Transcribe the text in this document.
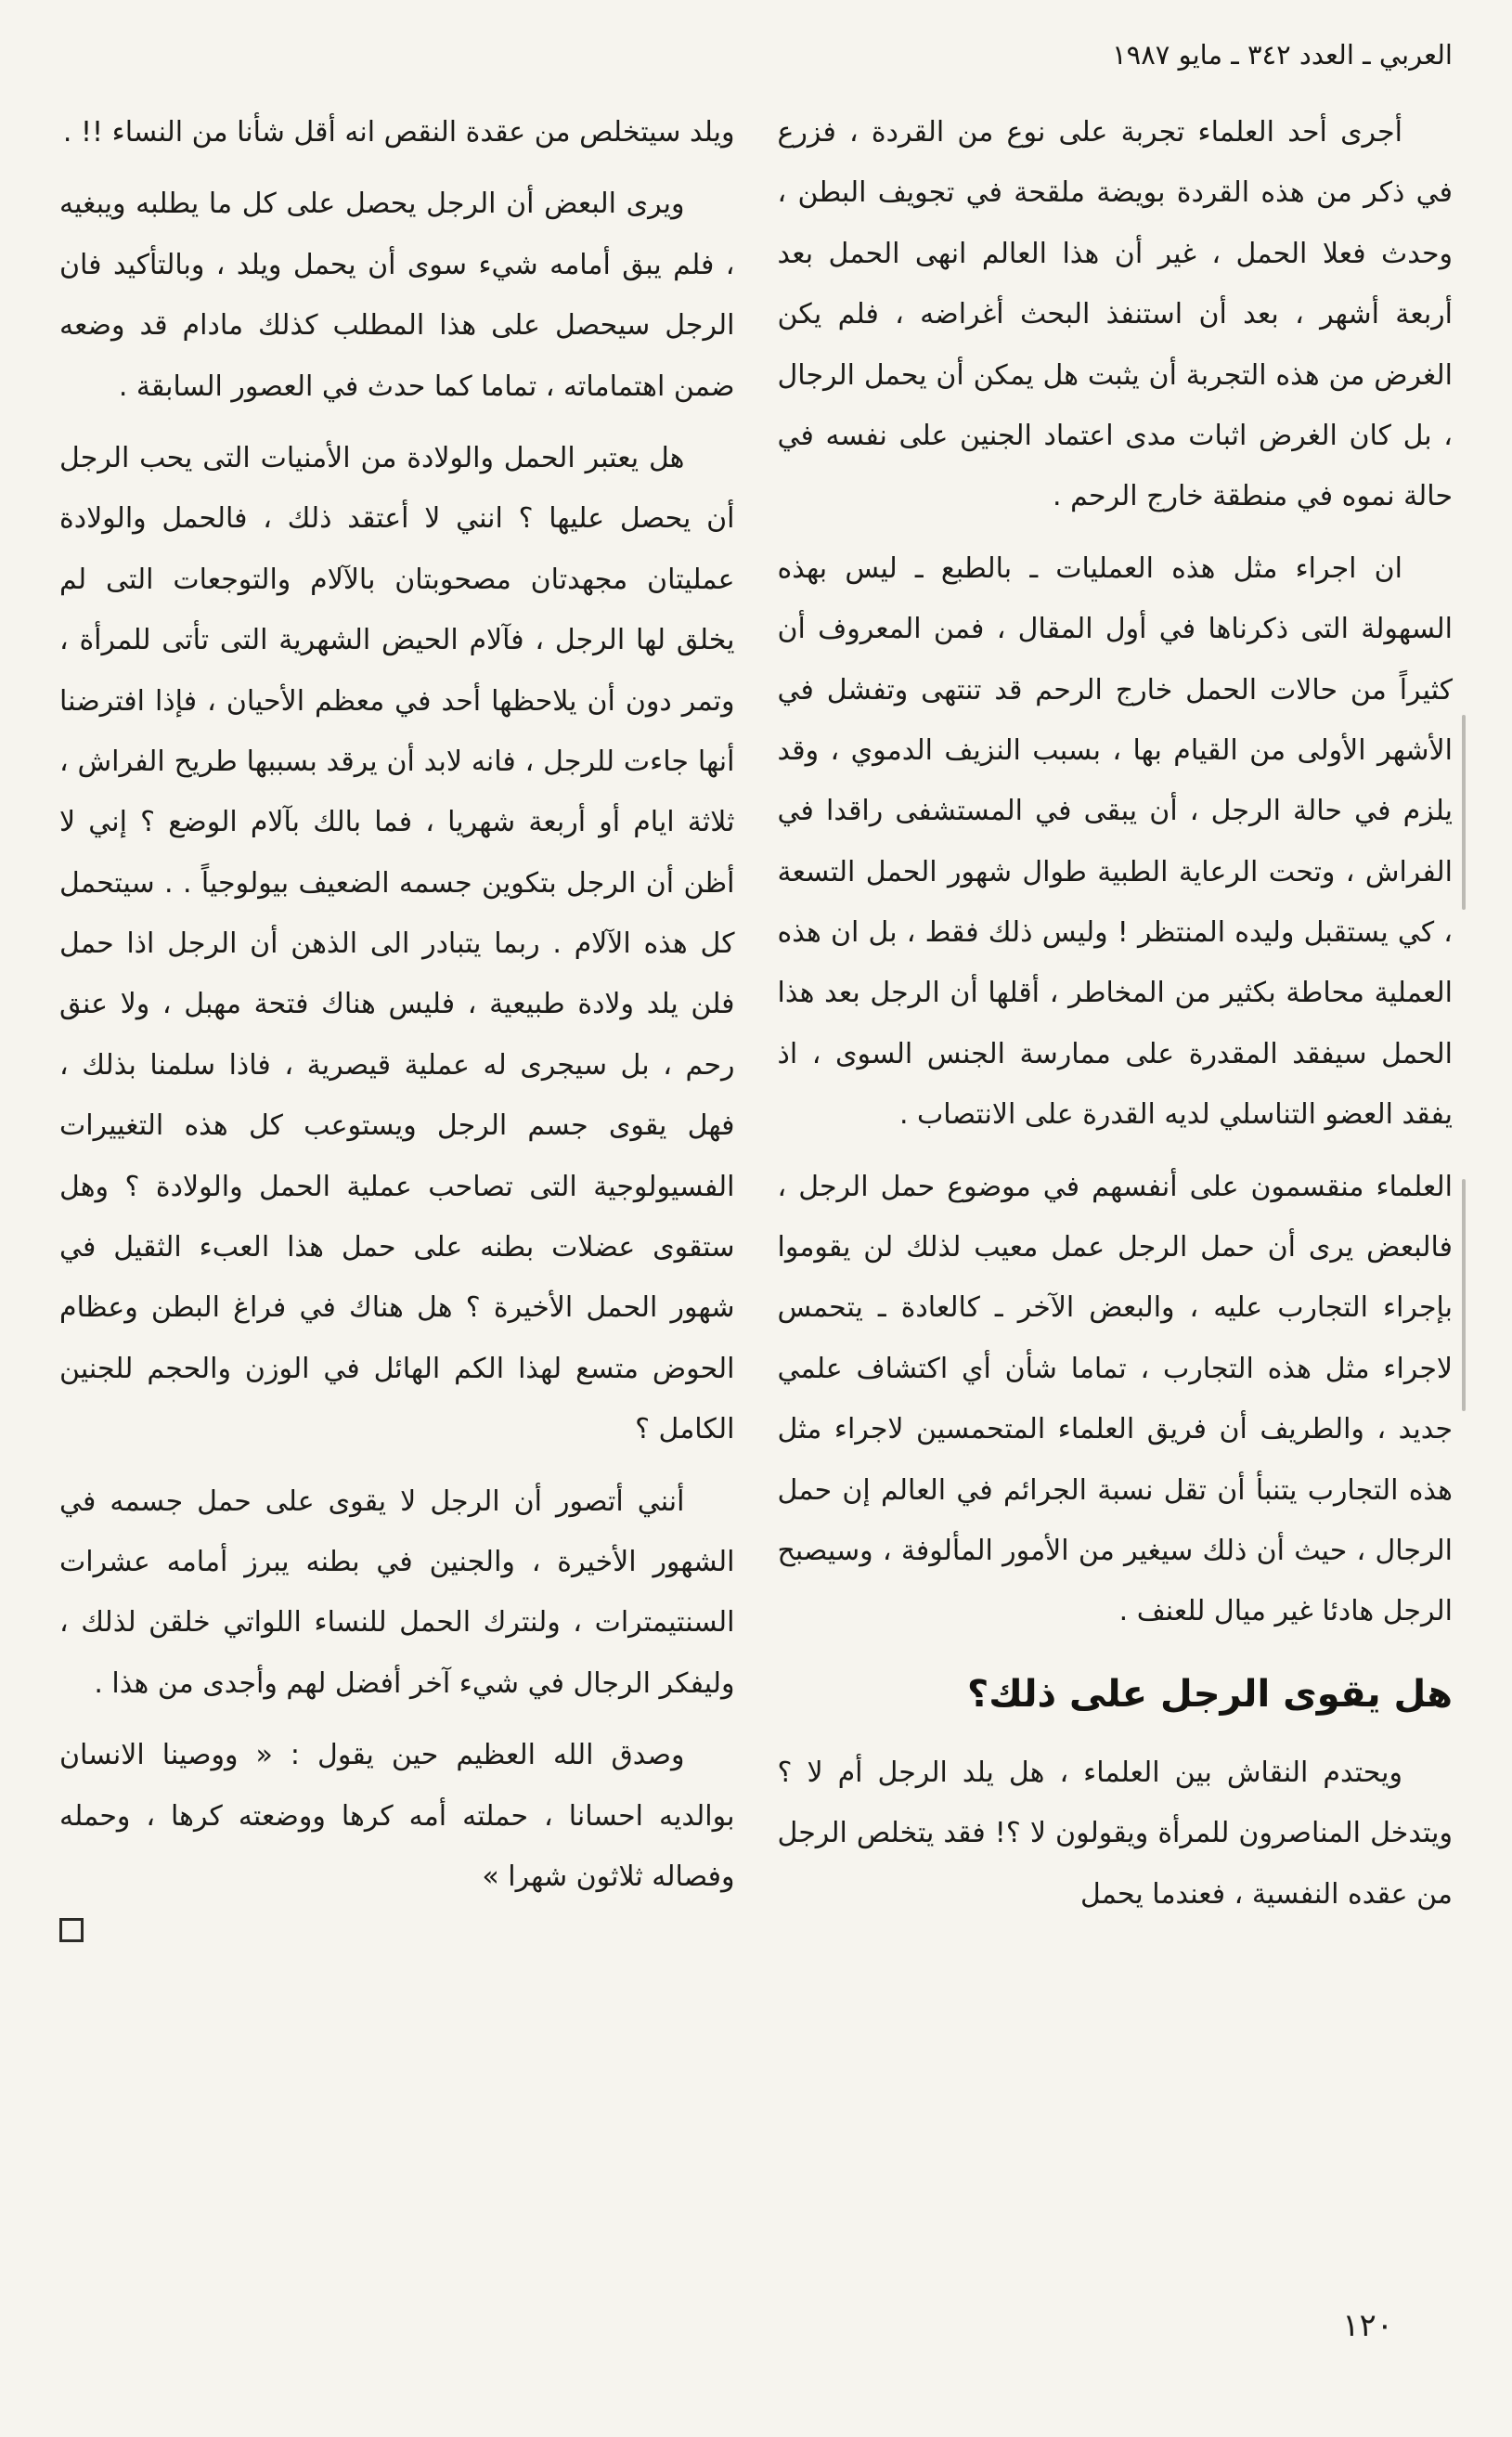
العربي ـ العدد ٣٤٢ ـ مايو ١٩٨٧

أجرى أحد العلماء تجربة على نوع من القردة ، فزرع في ذكر من هذه القردة بويضة ملقحة في تجويف البطن ، وحدث فعلا الحمل ، غير أن هذا العالم انهى الحمل بعد أربعة أشهر ، بعد أن استنفذ البحث أغراضه ، فلم يكن الغرض من هذه التجربة أن يثبت هل يمكن أن يحمل الرجال ، بل كان الغرض اثبات مدى اعتماد الجنين على نفسه في حالة نموه في منطقة خارج الرحم .

ان اجراء مثل هذه العمليات ـ بالطبع ـ ليس بهذه السهولة التى ذكرناها في أول المقال ، فمن المعروف أن كثيراً من حالات الحمل خارج الرحم قد تنتهى وتفشل في الأشهر الأولى من القيام بها ، بسبب النزيف الدموي ، وقد يلزم في حالة الرجل ، أن يبقى في المستشفى راقدا في الفراش ، وتحت الرعاية الطبية طوال شهور الحمل التسعة ، كي يستقبل وليده المنتظر ! وليس ذلك فقط ، بل ان هذه العملية محاطة بكثير من المخاطر ، أقلها أن الرجل بعد هذا الحمل سيفقد المقدرة على ممارسة الجنس السوى ، اذ يفقد العضو التناسلي لديه القدرة على الانتصاب .

العلماء منقسمون على أنفسهم في موضوع حمل الرجل ، فالبعض يرى أن حمل الرجل عمل معيب لذلك لن يقوموا بإجراء التجارب عليه ، والبعض الآخر ـ كالعادة ـ يتحمس لاجراء مثل هذه التجارب ، تماما شأن أي اكتشاف علمي جديد ، والطريف أن فريق العلماء المتحمسين لاجراء مثل هذه التجارب يتنبأ أن تقل نسبة الجرائم في العالم إن حمل الرجال ، حيث أن ذلك سيغير من الأمور المألوفة ، وسيصبح الرجل هادئا غير ميال للعنف .

هل يقوى الرجل على ذلك؟

ويحتدم النقاش بين العلماء ، هل يلد الرجل أم لا ؟ ويتدخل المناصرون للمرأة ويقولون لا ؟! فقد يتخلص الرجل من عقده النفسية ، فعندما يحمل

ويلد سيتخلص من عقدة النقص انه أقل شأنا من النساء !! .

ويرى البعض أن الرجل يحصل على كل ما يطلبه ويبغيه ، فلم يبق أمامه شيء سوى أن يحمل ويلد ، وبالتأكيد فان الرجل سيحصل على هذا المطلب كذلك مادام قد وضعه ضمن اهتماماته ، تماما كما حدث في العصور السابقة .

هل يعتبر الحمل والولادة من الأمنيات التى يحب الرجل أن يحصل عليها ؟ انني لا أعتقد ذلك ، فالحمل والولادة عمليتان مجهدتان مصحوبتان بالآلام والتوجعات التى لم يخلق لها الرجل ، فآلام الحيض الشهرية التى تأتى للمرأة ، وتمر دون أن يلاحظها أحد في معظم الأحيان ، فإذا افترضنا أنها جاءت للرجل ، فانه لابد أن يرقد بسببها طريح الفراش ، ثلاثة ايام أو أربعة شهريا ، فما بالك بآلام الوضع ؟ إني لا أظن أن الرجل بتكوين جسمه الضعيف بيولوجياً . . سيتحمل كل هذه الآلام . ربما يتبادر الى الذهن أن الرجل اذا حمل فلن يلد ولادة طبيعية ، فليس هناك فتحة مهبل ، ولا عنق رحم ، بل سيجرى له عملية قيصرية ، فاذا سلمنا بذلك ، فهل يقوى جسم الرجل ويستوعب كل هذه التغييرات الفسيولوجية التى تصاحب عملية الحمل والولادة ؟ وهل ستقوى عضلات بطنه على حمل هذا العبء الثقيل في شهور الحمل الأخيرة ؟ هل هناك في فراغ البطن وعظام الحوض متسع لهذا الكم الهائل في الوزن والحجم للجنين الكامل ؟

أنني أتصور أن الرجل لا يقوى على حمل جسمه في الشهور الأخيرة ، والجنين في بطنه يبرز أمامه عشرات السنتيمترات ، ولنترك الحمل للنساء اللواتي خلقن لذلك ، وليفكر الرجال في شيء آخر أفضل لهم وأجدى من هذا .

وصدق الله العظيم حين يقول : « ووصينا الانسان بوالديه احسانا ، حملته أمه كرها ووضعته كرها ، وحمله وفصاله ثلاثون شهرا »

١٢٠
